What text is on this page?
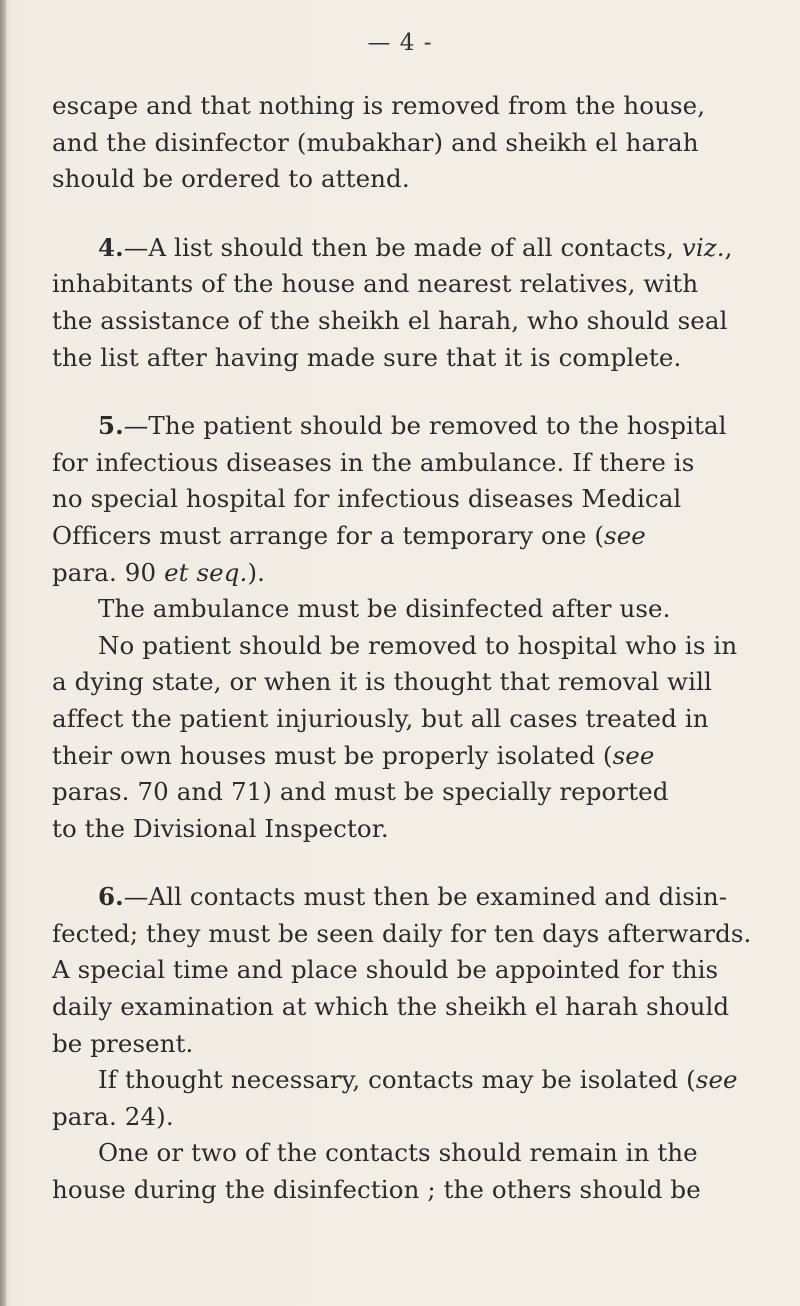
— 4 -
escape and that nothing is removed from the house,
and the disinfector (mubakhar) and sheikh el harah
should be ordered to attend.
4.—A list should then be made of all contacts, viz.,
inhabitants of the house and nearest relatives, with
the assistance of the sheikh el harah, who should seal
the list after having made sure that it is complete.
5.—The patient should be removed to the hospital
for infectious diseases in the ambulance. If there is
no special hospital for infectious diseases Medical
Officers must arrange for a temporary one (see
para. 90 et seq.).
The ambulance must be disinfected after use.
No patient should be removed to hospital who is in
a dying state, or when it is thought that removal will
affect the patient injuriously, but all cases treated in
their own houses must be properly isolated (see
paras. 70 and 71) and must be specially reported
to the Divisional Inspector.
6.—All contacts must then be examined and disin-
fected; they must be seen daily for ten days afterwards.
A special time and place should be appointed for this
daily examination at which the sheikh el harah should
be present.
If thought necessary, contacts may be isolated (see
para. 24).
One or two of the contacts should remain in the
house during the disinfection ; the others should be
